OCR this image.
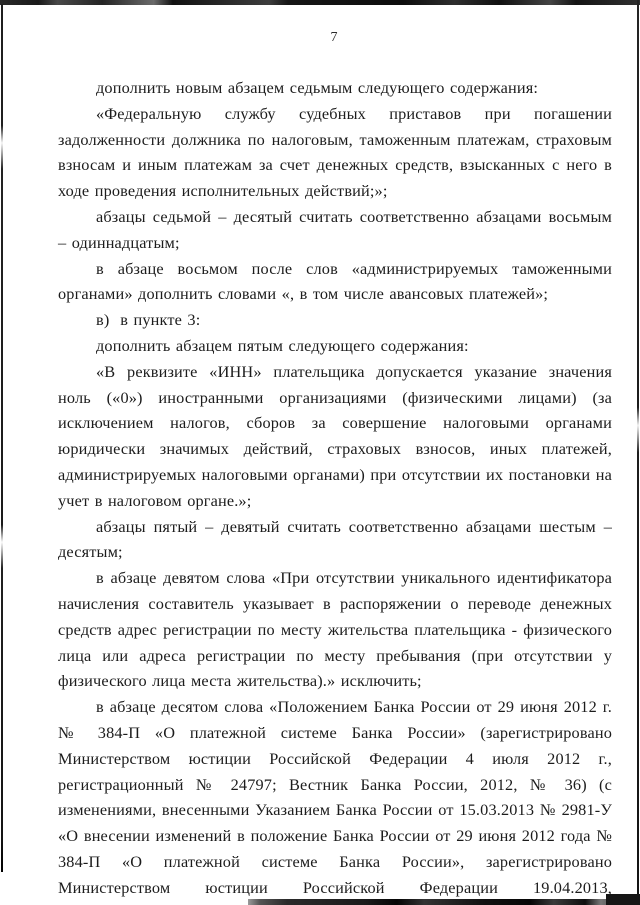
7

дополнить новым абзацем седьмым следующего содержания:

«Федеральную службу судебных приставов при погашении задолженности должника по налоговым, таможенным платежам, страховым взносам и иным платежам за счет денежных средств, взысканных с него в ходе проведения исполнительных действий;»;

абзацы седьмой – десятый считать соответственно абзацами восьмым – одиннадцатым;

в абзаце восьмом после слов «администрируемых таможенными органами» дополнить словами «, в том числе авансовых платежей»;

в)  в пункте 3:

дополнить абзацем пятым следующего содержания:

«В реквизите «ИНН» плательщика допускается указание значения ноль («0») иностранными организациями (физическими лицами) (за исключением налогов, сборов за совершение налоговыми органами юридически значимых действий, страховых взносов, иных платежей, администрируемых налоговыми органами) при отсутствии их постановки на учет в налоговом органе.»;

абзацы пятый – девятый считать соответственно абзацами шестым – десятым;

в абзаце девятом слова «При отсутствии уникального идентификатора начисления составитель указывает в распоряжении о переводе денежных средств адрес регистрации по месту жительства плательщика - физического лица или адреса регистрации по месту пребывания (при отсутствии у физического лица места жительства).» исключить;

в абзаце десятом слова «Положением Банка России от 29 июня 2012 г. № 384-П «О платежной системе Банка России» (зарегистрировано Министерством юстиции Российской Федерации 4 июля 2012 г., регистрационный № 24797; Вестник Банка России, 2012, № 36) (с изменениями, внесенными Указанием Банка России от 15.03.2013 № 2981-У «О внесении изменений в положение Банка России от 29 июня 2012 года № 384-П «О платежной системе Банка России», зарегистрировано Министерством юстиции Российской Федерации 19.04.2013,
